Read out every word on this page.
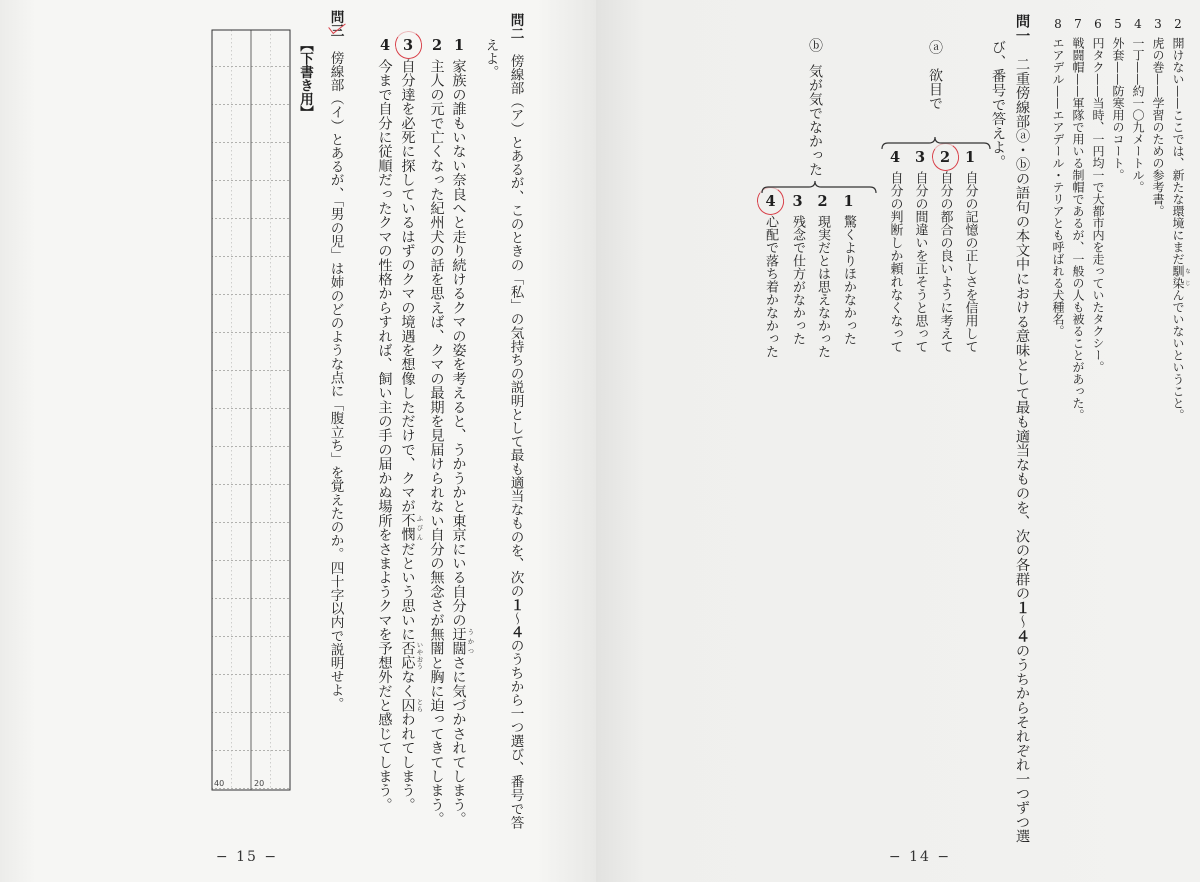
2開けない——ここでは、新たな環境にまだ馴染 なじんでいないということ。
3虎の巻——学習のための参考書。
4一丁——約一〇九メートル。
5外套——防寒用のコート。
6円タク——当時、一円均一で大都市内を走っていたタクシー。
7戦闘帽——軍隊で用いる制帽であるが、一般の人も被ることがあった。
8エアデル——エアデール・テリアとも呼ばれる犬種名。
問一　二重傍線部ⓐ・ⓑの語句の本文中における意味として最も適当なものを、次の各群の１〜４のうちからそれぞれ一つずつ選び、番号で答えよ。
ⓐ
欲目で
1自分の記憶の正しさを信用して
2自分の都合の良いように考えて
3自分の間違いを正そうと思って
4自分の判断しか頼れなくなって
ⓑ
気が気でなかった
1驚くよりほかなかった
2現実だとは思えなかった
3残念で仕方がなかった
4心配で落ち着かなかった
− 14 −
問二　傍線部（ア）とあるが、このときの「私」の気持ちの説明として最も適当なものを、次の１〜４のうちから一つ選び、番号で答えよ。
1家族の誰もいない奈良へと走り続けるクマの姿を考えると、うかうかと東京にいる自分の迂闊 うかつさに気づかされてしまう。
2主人の元で亡くなった紀州犬の話を思えば、クマの最期を見届けられない自分の無念さが無闇と胸に迫ってきてしまう。
3自分達を必死に探しているはずのクマの境遇を想像しただけで、クマが不憫 ふびんだという思いに否応 いやおうなく囚 とらわれてしまう。
4今まで自分に従順だったクマの性格からすれば、飼い主の手の届かぬ場所をさまようクマを予想外だと感じてしまう。
問三　傍線部（イ）とあるが、「男の児」は姉のどのような点に「腹立ち」を覚えたのか。四十字以内で説明せよ。
【下書き用】
40	20
− 15 −
